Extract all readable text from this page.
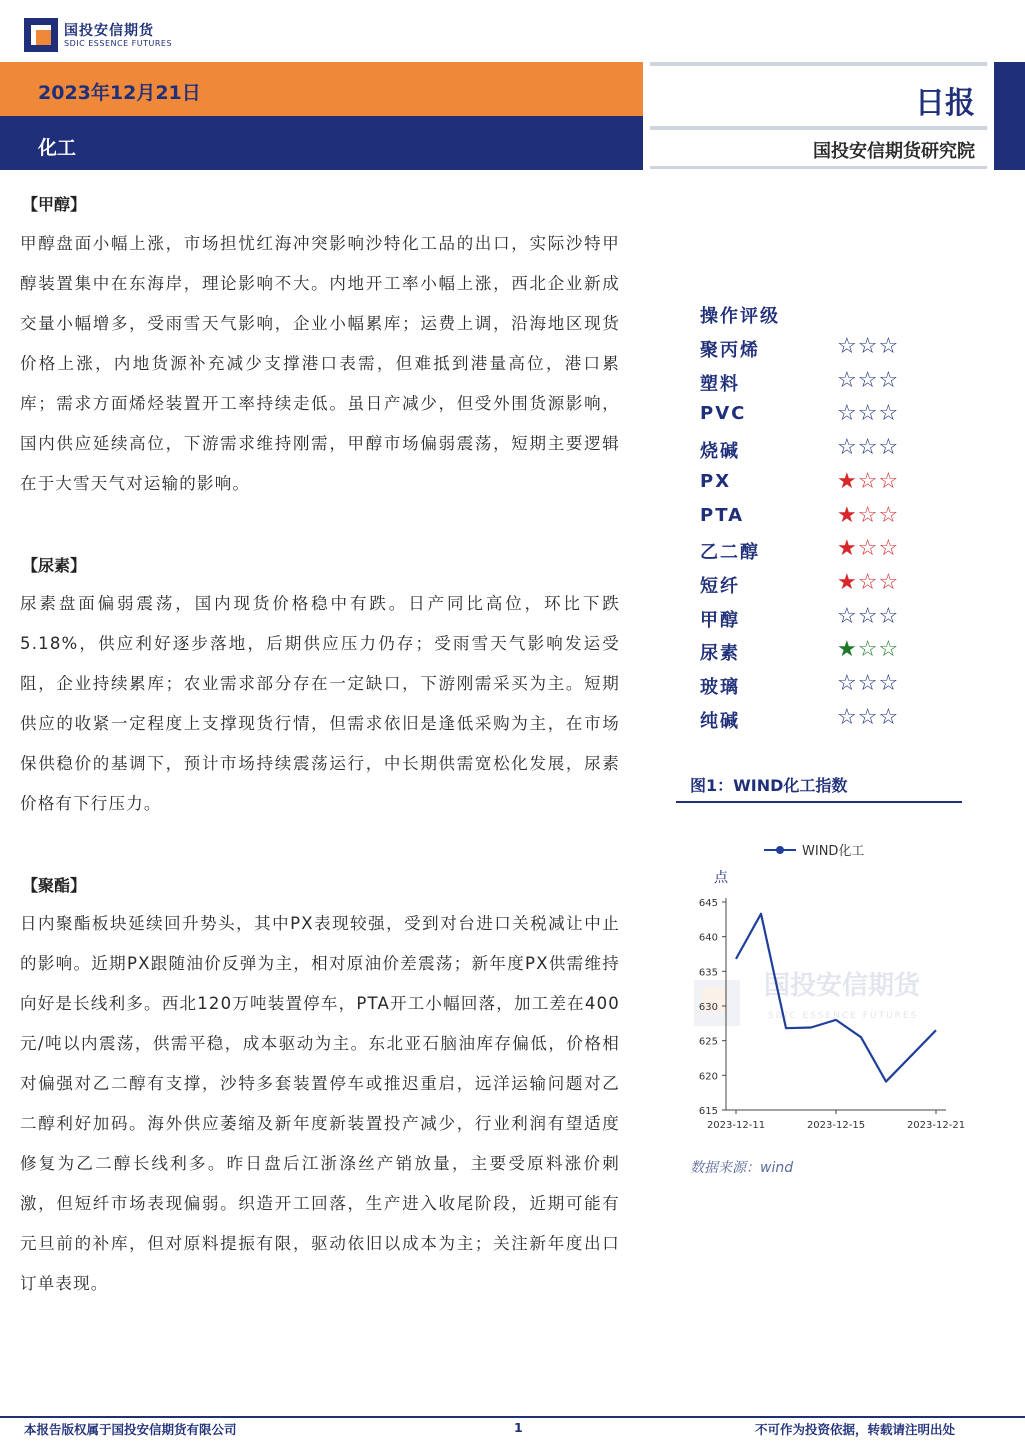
国投安信期货
SDIC ESSENCE FUTURES
2023年12月21日
化工
日报
国投安信期货研究院
【甲醇】
甲醇盘面小幅上涨，市场担忧红海冲突影响沙特化工品的出口，实际沙特甲醇装置集中在东海岸，理论影响不大。内地开工率小幅上涨，西北企业新成交量小幅增多，受雨雪天气影响，企业小幅累库；运费上调，沿海地区现货价格上涨，内地货源补充减少支撑港口表需，但难抵到港量高位，港口累库；需求方面烯烃装置开工率持续走低。虽日产减少，但受外围货源影响，国内供应延续高位，下游需求维持刚需，甲醇市场偏弱震荡，短期主要逻辑在于大雪天气对运输的影响。
【尿素】
尿素盘面偏弱震荡，国内现货价格稳中有跌。日产同比高位，环比下跌5.18%，供应利好逐步落地，后期供应压力仍存；受雨雪天气影响发运受阻，企业持续累库；农业需求部分存在一定缺口，下游刚需采买为主。短期供应的收紧一定程度上支撑现货行情，但需求依旧是逢低采购为主，在市场保供稳价的基调下，预计市场持续震荡运行，中长期供需宽松化发展，尿素价格有下行压力。
【聚酯】
日内聚酯板块延续回升势头，其中PX表现较强，受到对台进口关税减让中止的影响。近期PX跟随油价反弹为主，相对原油价差震荡；新年度PX供需维持向好是长线利多。西北120万吨装置停车，PTA开工小幅回落，加工差在400元/吨以内震荡，供需平稳，成本驱动为主。东北亚石脑油库存偏低，价格相对偏强对乙二醇有支撑，沙特多套装置停车或推迟重启，远洋运输问题对乙二醇利好加码。海外供应萎缩及新年度新装置投产减少，行业利润有望适度修复为乙二醇长线利多。昨日盘后江浙涤丝产销放量，主要受原料涨价刺激，但短纤市场表现偏弱。织造开工回落，生产进入收尾阶段，近期可能有元旦前的补库，但对原料提振有限，驱动依旧以成本为主；关注新年度出口订单表现。
操作评级
聚丙烯	☆☆☆
塑料	☆☆☆
PVC	☆☆☆
烧碱	☆☆☆
PX	★☆☆
PTA	★☆☆
乙二醇	★☆☆
短纤	★☆☆
甲醇	☆☆☆
尿素	★☆☆
玻璃	☆☆☆
纯碱	☆☆☆
图1：WIND化工指数
国投安信期货
SDIC ESSENCE FUTURES
WIND化工
点
615
620
625
630
635
640
645
2023-12-11	2023-12-15	2023-12-21
数据来源：wind
本报告版权属于国投安信期货有限公司	1	不可作为投资依据，转载请注明出处
